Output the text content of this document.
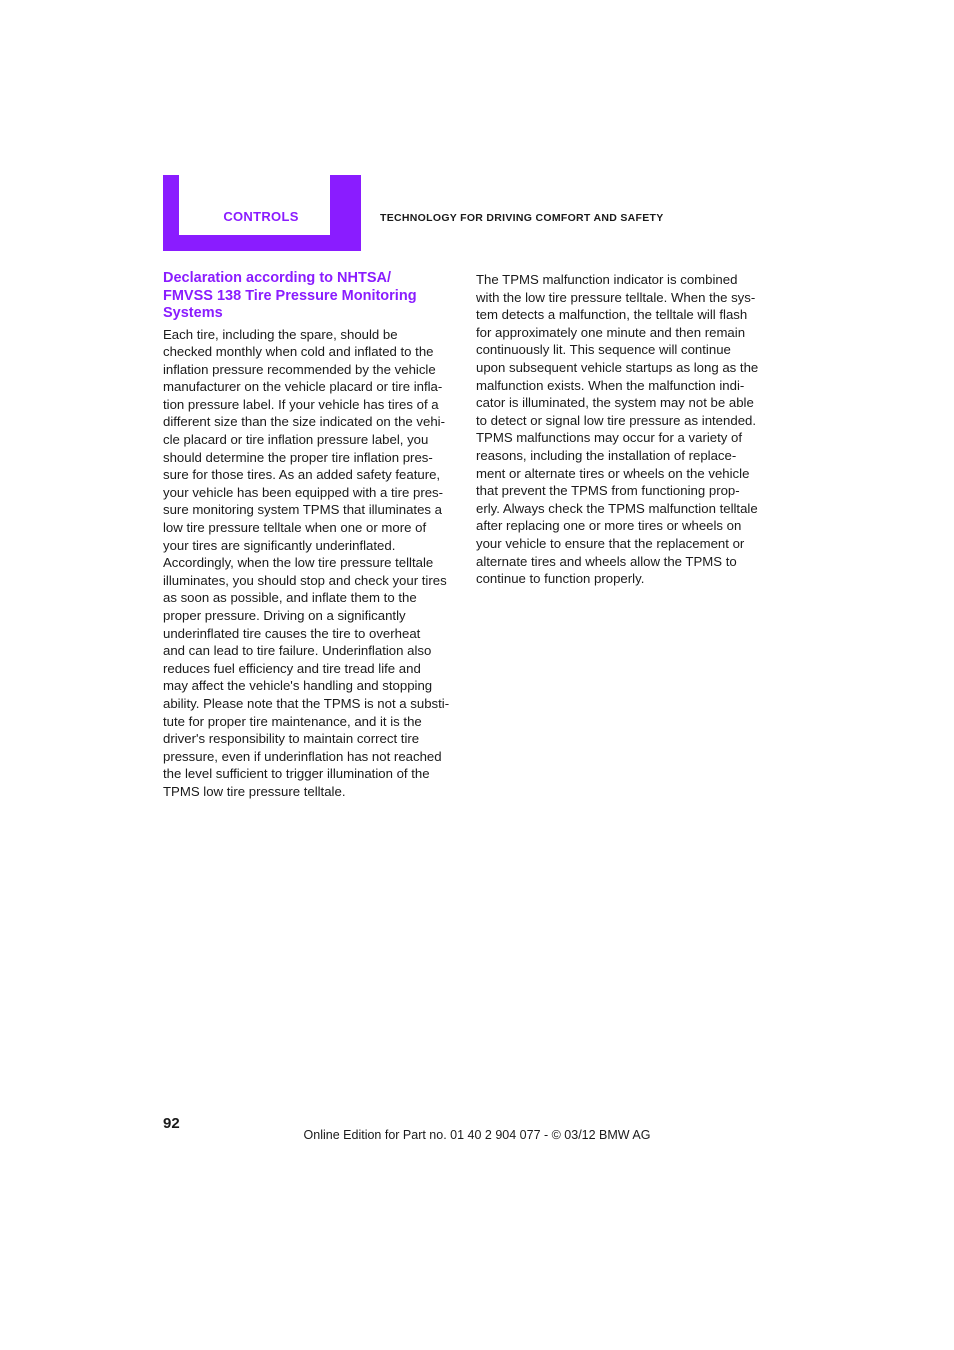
CONTROLS	TECHNOLOGY FOR DRIVING COMFORT AND SAFETY
Declaration according to NHTSA/
FMVSS 138 Tire Pressure Monitoring
Systems

Each tire, including the spare, should be
checked monthly when cold and inflated to the
inflation pressure recommended by the vehicle
manufacturer on the vehicle placard or tire infla-
tion pressure label. If your vehicle has tires of a
different size than the size indicated on the vehi-
cle placard or tire inflation pressure label, you
should determine the proper tire inflation pres-
sure for those tires. As an added safety feature,
your vehicle has been equipped with a tire pres-
sure monitoring system TPMS that illuminates a
low tire pressure telltale when one or more of
your tires are significantly underinflated.
Accordingly, when the low tire pressure telltale
illuminates, you should stop and check your tires
as soon as possible, and inflate them to the
proper pressure. Driving on a significantly
underinflated tire causes the tire to overheat
and can lead to tire failure. Underinflation also
reduces fuel efficiency and tire tread life and
may affect the vehicle's handling and stopping
ability. Please note that the TPMS is not a substi-
tute for proper tire maintenance, and it is the
driver's responsibility to maintain correct tire
pressure, even if underinflation has not reached
the level sufficient to trigger illumination of the
TPMS low tire pressure telltale.

The TPMS malfunction indicator is combined
with the low tire pressure telltale. When the sys-
tem detects a malfunction, the telltale will flash
for approximately one minute and then remain
continuously lit. This sequence will continue
upon subsequent vehicle startups as long as the
malfunction exists. When the malfunction indi-
cator is illuminated, the system may not be able
to detect or signal low tire pressure as intended.
TPMS malfunctions may occur for a variety of
reasons, including the installation of replace-
ment or alternate tires or wheels on the vehicle
that prevent the TPMS from functioning prop-
erly. Always check the TPMS malfunction telltale
after replacing one or more tires or wheels on
your vehicle to ensure that the replacement or
alternate tires and wheels allow the TPMS to
continue to function properly.

92
Online Edition for Part no. 01 40 2 904 077 - © 03/12 BMW AG
